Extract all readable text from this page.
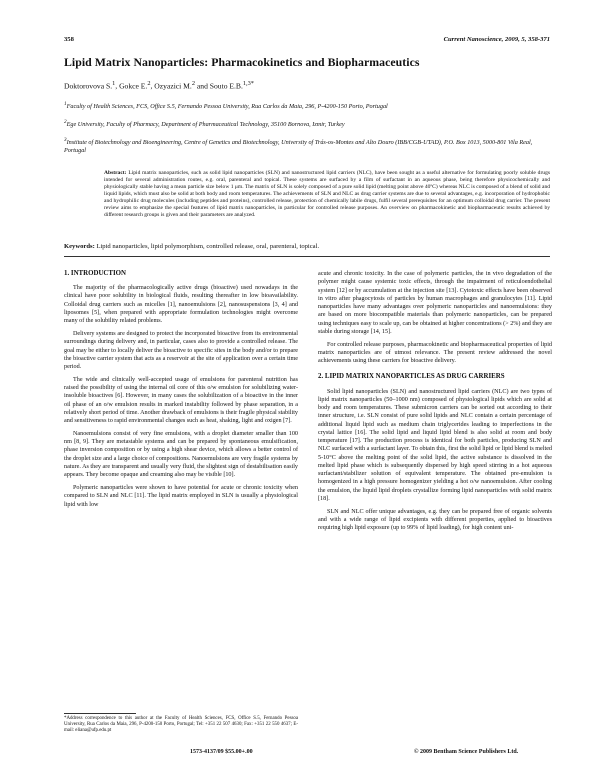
358	Current Nanoscience, 2009, 5, 358-371
Lipid Matrix Nanoparticles: Pharmacokinetics and Biopharmaceutics
Doktorovova S.$^1$, Gokce E.$^2$, Ozyazici M.$^2$ and Souto E.B.$^{1,3*}$
$^1$Faculty of Health Sciences, FCS, Office S.5, Fernando Pessoa University, Rua Carlos da Maia, 296, P-4200-150 Porto, Portugal
$^2$Ege University, Faculty of Pharmacy, Department of Pharmaceutical Technology, 35100 Bornova, Izmir, Turkey
$^3$Institute of Biotechnology and Bioengineering, Centre of Genetics and Biotechnology, University of Trás-os-Montes and Alto Douro (IBB/CGB-UTAD), P.O. Box 1013, 5000-801 Vila Real, Portugal
Abstract: Lipid matrix nanoparticles, such as solid lipid nanoparticles (SLN) and nanostructured lipid carriers (NLC), have been sought as a useful alternative for formulating poorly soluble drugs intended for several administration routes, e.g. oral, parenteral and topical. These systems are surfaced by a film of surfactant in an aqueous phase, being therefore physicochemically and physiologically stable having a mean particle size below 1 μm. The matrix of SLN is solely composed of a pure solid lipid (melting point above 40ºC) whereas NLC is composed of a blend of solid and liquid lipids, which must also be solid at both body and room temperatures. The achievements of SLN and NLC as drug carrier systems are due to several advantages, e.g. incorporation of hydrophobic and hydrophilic drug molecules (including peptides and proteins), controlled release, protection of chemically labile drugs, fulfil several prerequisites for an optimum colloidal drug carrier. The present review aims to emphasize the special features of lipid matrix nanoparticles, in particular for controlled release purposes. An overview on pharmacokinetic and biopharmaceutic results achieved by different research groups is given and their parameters are analyzed.
Keywords: Lipid nanoparticles, lipid polymorphism, controlled release, oral, parenteral, topical.
1. INTRODUCTION

The majority of the pharmacologically active drugs (bioactive) used nowadays in the clinical have poor solubility in biological fluids, resulting thereafter in low bioavailability. Colloidal drug carriers such as micelles [1], nanoemulsions [2], nanosuspensions [3, 4] and liposomes [5], when prepared with appropriate formulation technologies might overcome many of the solubility related problems.

Delivery systems are designed to protect the incorporated bioactive from its environmental surroundings during delivery and, in particular, cases also to provide a controlled release. The goal may be either to locally deliver the bioactive to specific sites in the body and/or to prepare the bioactive carrier system that acts as a reservoir at the site of application over a certain time period.

The wide and clinically well-accepted usage of emulsions for parenteral nutrition has raised the possibility of using the internal oil core of this o/w emulsion for solubilizing water-insoluble bioactives [6]. However, in many cases the solubilization of a bioactive in the inner oil phase of an o/w emulsion results in marked instability followed by phase separation, in a relatively short period of time. Another drawback of emulsions is their fragile physical stability and sensitiveness to rapid environmental changes such as heat, shaking, light and oxigen [7].

Nanoemulsions consist of very fine emulsions, with a droplet diameter smaller than 100 nm [8, 9]. They are metastable systems and can be prepared by spontaneous emulsification, phase inversion composition or by using a high shear device, which allows a better control of the droplet size and a large choice of compositions. Nanoemulsions are very fragile systems by nature. As they are transparent and usually very fluid, the slightest sign of destabilisation easily appears. They become opaque and creaming also may be visible [10].

Polymeric nanoparticles were shown to have potential for acute or chronic toxicity when compared to SLN and NLC [11]. The lipid matrix employed in SLN is usually a physiological lipid with low

*Address correspondence to this author at the Faculty of Health Sciences, FCS, Office S.5, Fernando Pessoa University, Rua Carlos da Maia, 296, P-4200-150 Porto, Portugal; Tel: +351 22 507 4630; Fax: +351 22 550 4637; E-mail: eliana@ufp.edu.pt

acute and chronic toxicity. In the case of polymeric particles, the in vivo degradation of the polymer might cause systemic toxic effects, through the impairment of reticuloendothelial system [12] or by accumulation at the injection site [13]. Cytotoxic effects have been observed in vitro after phagocytosis of particles by human macrophages and granulocytes [11]. Lipid nanoparticles have many advantages over polymeric nanoparticles and nanoemulsions: they are based on more biocompatible materials than polymeric nanoparticles, can be prepared using techniques easy to scale up, can be obtained at higher concentrations (> 2%) and they are stable during storage [14, 15].

For controlled release purposes, pharmacokinetic and biopharmaceutical properties of lipid matrix nanoparticles are of utmost relevance. The present review addressed the novel achievements using these carriers for bioactive delivery.

2. LIPID MATRIX NANOPARTICLES AS DRUG CARRIERS

Solid lipid nanoparticles (SLN) and nanostructured lipid carriers (NLC) are two types of lipid matrix nanoparticles (50–1000 nm) composed of physiological lipids which are solid at body and room temperatures. These submicron carriers can be sorted out according to their inner structure, i.e. SLN consist of pure solid lipids and NLC contain a certain percentage of additional liquid lipid such as medium chain triglycerides leading to imperfections in the crystal lattice [16]. The solid lipid and liquid lipid blend is also solid at room and body temperature [17]. The production process is identical for both particles, producing SLN and NLC surfaced with a surfactant layer. To obtain this, first the solid lipid or lipid blend is melted 5-10°C above the melting point of the solid lipid, the active substance is dissolved in the melted lipid phase which is subsequently dispersed by high speed stirring in a hot aqueous surfactant/stabilizer solution of equivalent temperature. The obtained pre-emulsion is homogenized in a high pressure homogenizer yielding a hot o/w nanoemulsion. After cooling the emulsion, the liquid lipid droplets crystallize forming lipid nanoparticles with solid matrix [18].

SLN and NLC offer unique advantages, e.g. they can be prepared free of organic solvents and with a wide range of lipid excipients with different properties, applied to bioactives requiring high lipid exposure (up to 99% of lipid loading), for high content uni-

1573-4137/09 $55.00+.00	© 2009 Bentham Science Publishers Ltd.
